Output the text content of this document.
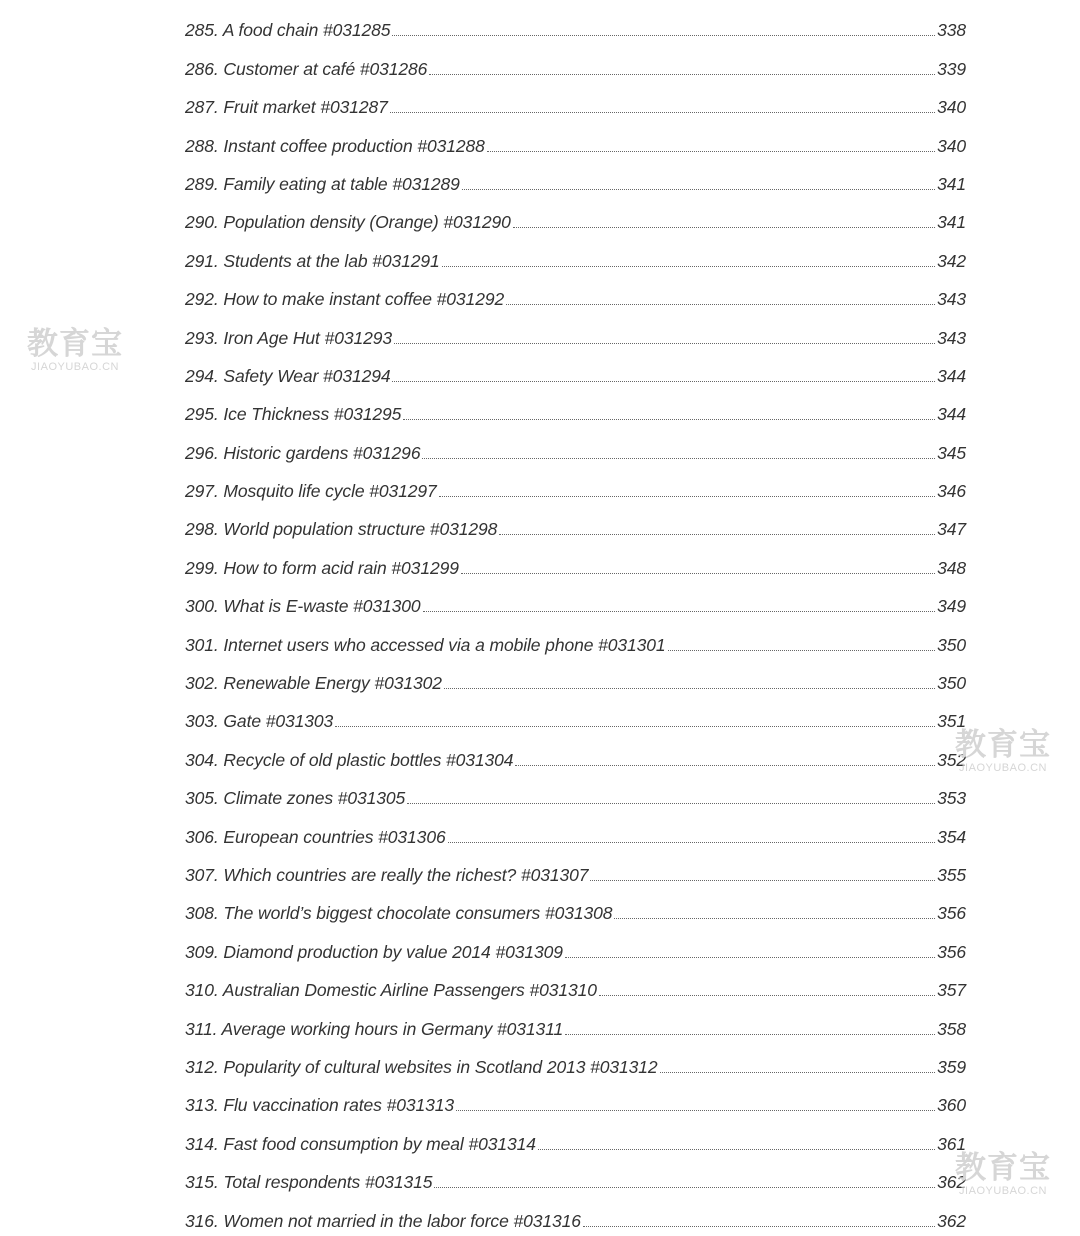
285. A food chain #031285	338
286. Customer at café #031286	339
287. Fruit market #031287	340
288. Instant coffee production #031288	340
289. Family eating at table #031289	341
290. Population density (Orange) #031290	341
291. Students at the lab #031291	342
292. How to make instant coffee #031292	343
293. Iron Age Hut #031293	343
294. Safety Wear #031294	344
295. Ice Thickness #031295	344
296. Historic gardens #031296	345
297. Mosquito life cycle #031297	346
298. World population structure #031298	347
299. How to form acid rain #031299	348
300. What is E-waste #031300	349
301. Internet users who accessed via a mobile phone #031301	350
302. Renewable Energy #031302	350
303. Gate #031303	351
304. Recycle of old plastic bottles #031304	352
305. Climate zones #031305	353
306. European countries #031306	354
307. Which countries are really the richest? #031307	355
308. The world’s biggest chocolate consumers #031308	356
309. Diamond production by value 2014 #031309	356
310. Australian Domestic Airline Passengers #031310	357
311. Average working hours in Germany #031311	358
312. Popularity of cultural websites in Scotland 2013 #031312	359
313. Flu vaccination rates #031313	360
314. Fast food consumption by meal #031314	361
315. Total respondents #031315	362
316. Women not married in the labor force #031316	362
教育宝
JIAOYUBAO.CN
教育宝
JIAOYUBAO.CN
教育宝
JIAOYUBAO.CN
